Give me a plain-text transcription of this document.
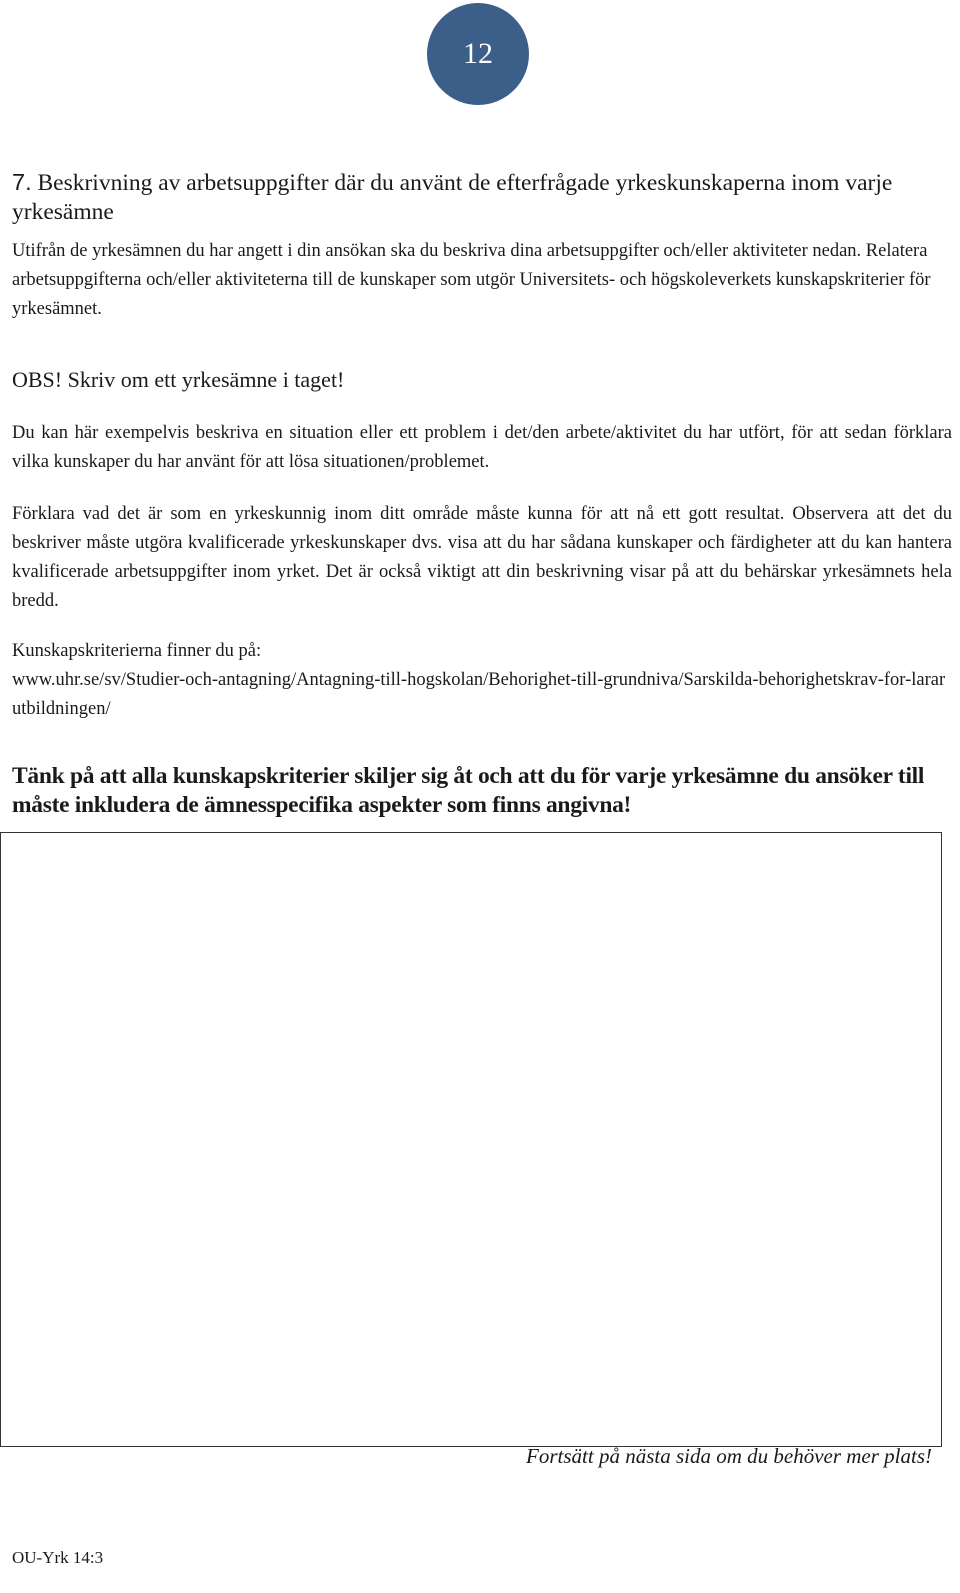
12
7. Beskrivning av arbetsuppgifter där du använt de efterfrågade yrkeskunskaperna inom varje yrkesämne

Utifrån de yrkesämnen du har angett i din ansökan ska du beskriva dina arbetsuppgifter och/eller aktiviteter nedan. Relatera arbetsuppgifterna och/eller aktiviteterna till de kunskaper som utgör Universitets- och högskoleverkets kunskapskriterier för yrkesämnet.

OBS! Skriv om ett yrkesämne i taget!

Du kan här exempelvis beskriva en situation eller ett problem i det/den arbete/aktivitet du har utfört, för att sedan förklara vilka kunskaper du har använt för att lösa situationen/problemet.

Förklara vad det är som en yrkeskunnig inom ditt område måste kunna för att nå ett gott resultat. Observera att det du beskriver måste utgöra kvalificerade yrkeskunskaper dvs. visa att du har sådana kunskaper och färdigheter att du kan hantera kvalificerade arbetsuppgifter inom yrket. Det är också viktigt att din beskrivning visar på att du behärskar yrkesämnets hela bredd.

Kunskapskriterierna finner du på:
www.uhr.se/sv/Studier-och-antagning/Antagning-till-hogskolan/Behorighet-till-grundniva/Sarskilda-behorighetskrav-for-lararutbildningen/

Tänk på att alla kunskapskriterier skiljer sig åt och att du för varje yrkesämne du ansöker till måste inkludera de ämnesspecifika aspekter som finns angivna!

Fortsätt på nästa sida om du behöver mer plats!
OU-Yrk 14:3
